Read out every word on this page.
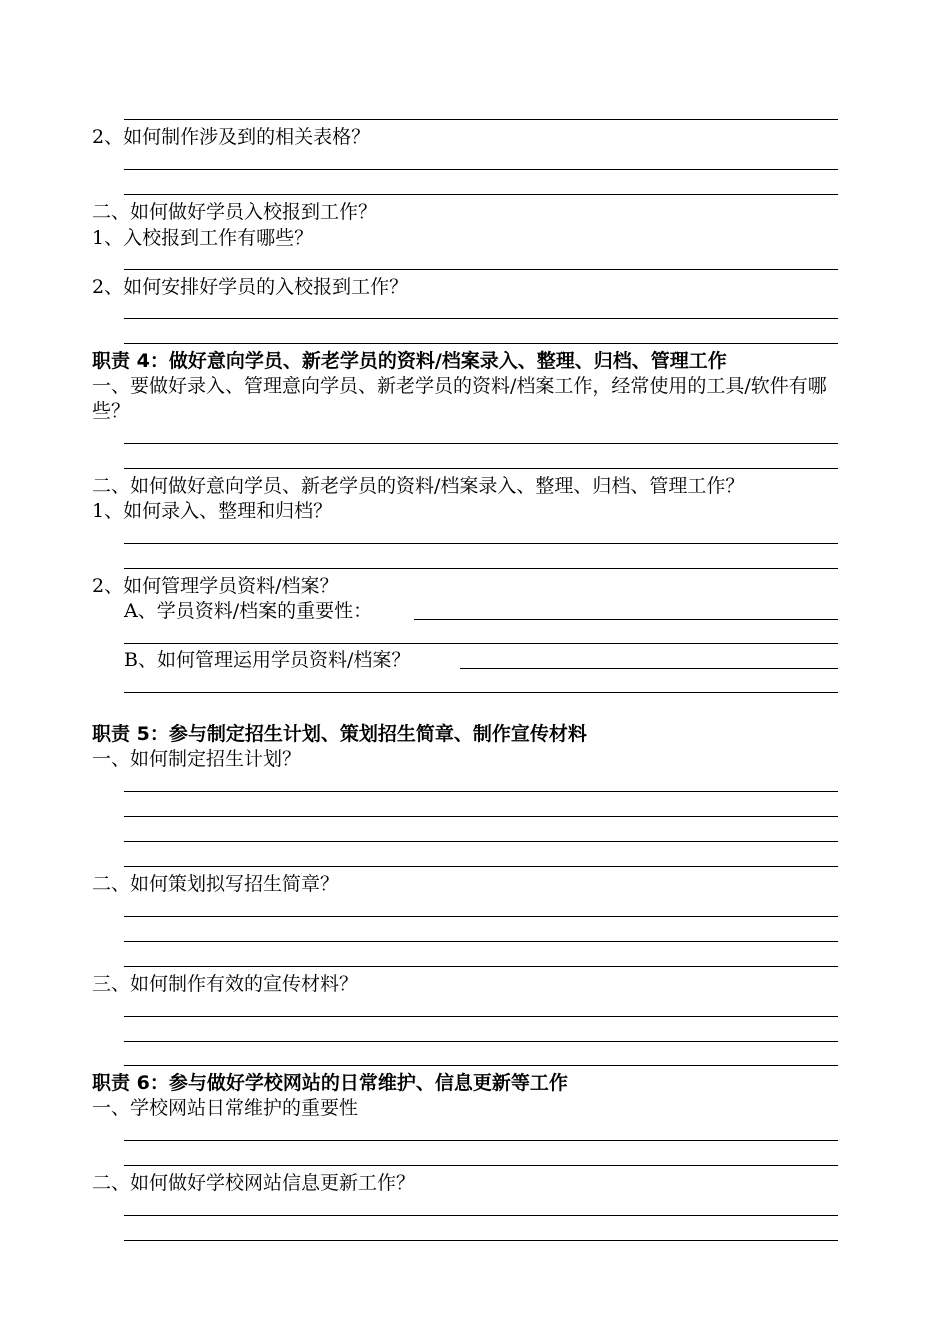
2、如何制作涉及到的相关表格？
二、如何做好学员入校报到工作？
1、入校报到工作有哪些？
2、如何安排好学员的入校报到工作？
职责 4：做好意向学员、新老学员的资料/档案录入、整理、归档、管理工作
一、要做好录入、管理意向学员、新老学员的资料/档案工作，经常使用的工具/软件有哪些？
二、如何做好意向学员、新老学员的资料/档案录入、整理、归档、管理工作？
1、如何录入、整理和归档？
2、如何管理学员资料/档案？
A、学员资料/档案的重要性：
B、如何管理运用学员资料/档案？
职责 5：参与制定招生计划、策划招生简章、制作宣传材料
一、如何制定招生计划？
二、如何策划拟写招生简章？
三、如何制作有效的宣传材料？
职责 6：参与做好学校网站的日常维护、信息更新等工作
一、学校网站日常维护的重要性
二、如何做好学校网站信息更新工作？
